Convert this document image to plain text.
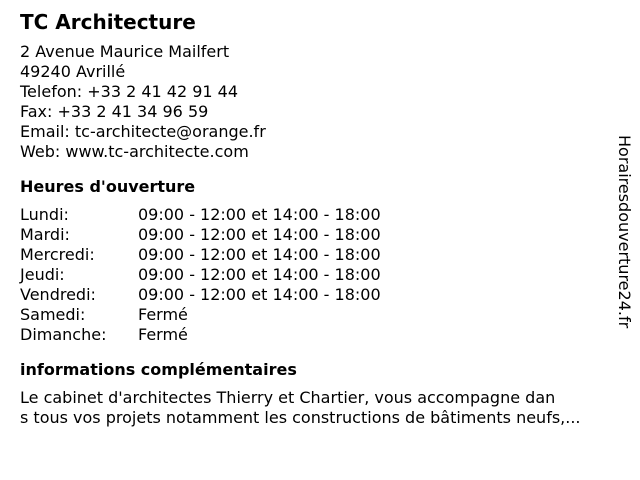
TC Architecture
2 Avenue Maurice Mailfert
49240 Avrillé
Telefon: +33 2 41 42 91 44
Fax: +33 2 41 34 96 59
Email: tc-architecte@orange.fr
Web: www.tc-architecte.com
Heures d'ouverture
Lundi:	09:00 - 12:00 et 14:00 - 18:00
Mardi:	09:00 - 12:00 et 14:00 - 18:00
Mercredi:	09:00 - 12:00 et 14:00 - 18:00
Jeudi:	09:00 - 12:00 et 14:00 - 18:00
Vendredi:	09:00 - 12:00 et 14:00 - 18:00
Samedi:	Fermé
Dimanche: Fermé
informations complémentaires
Le cabinet d'architectes Thierry et Chartier, vous accompagne dan
s tous vos projets notamment les constructions de bâtiments neufs,...
Horairesdouverture24.fr
